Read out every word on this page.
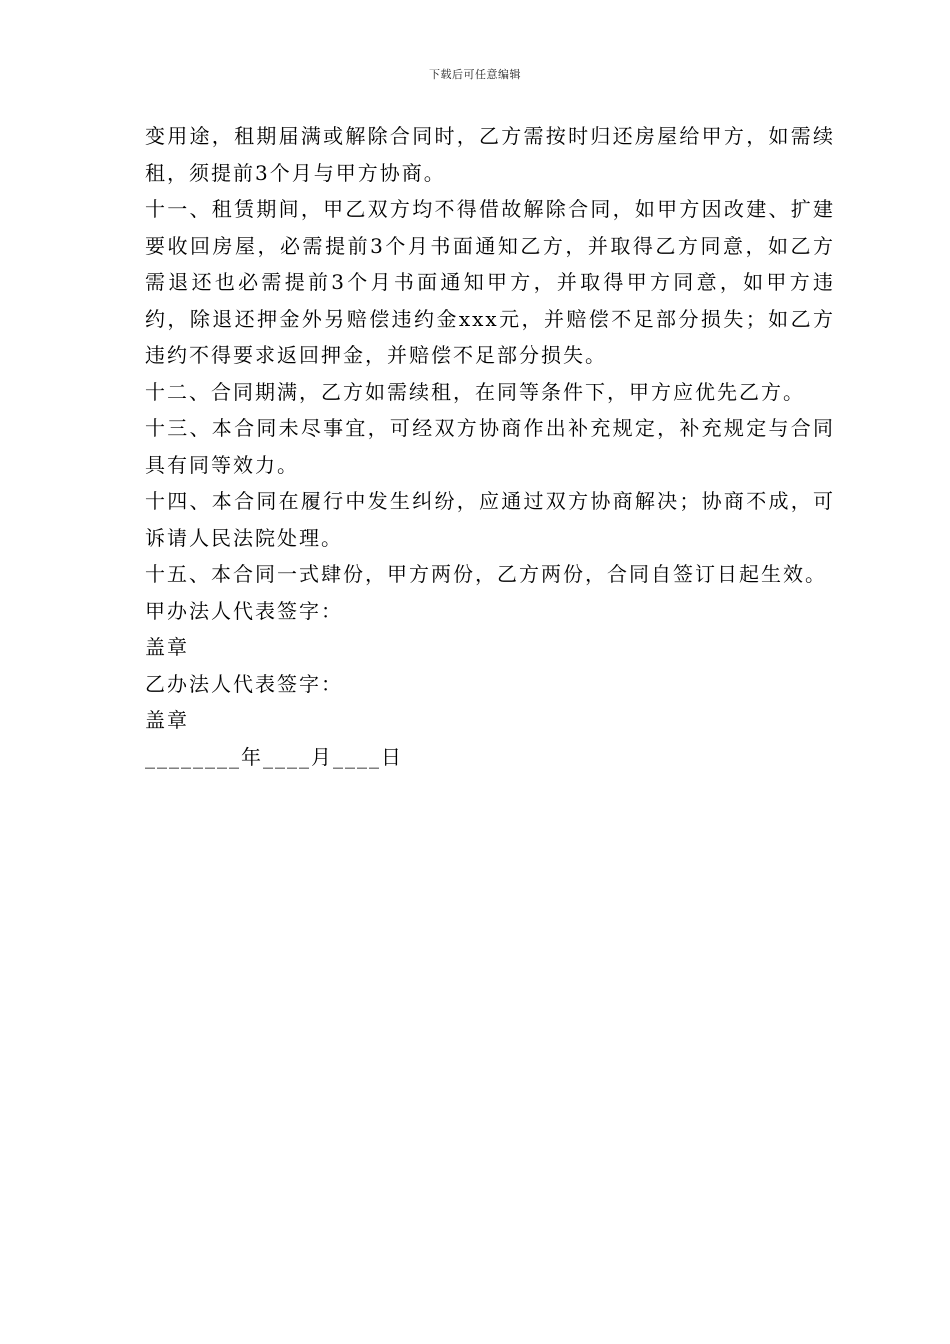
下载后可任意编辑

变用途，租期届满或解除合同时，乙方需按时归还房屋给甲方，如需续租，须提前3个月与甲方协商。

十一、租赁期间，甲乙双方均不得借故解除合同，如甲方因改建、扩建要收回房屋，必需提前3个月书面通知乙方，并取得乙方同意，如乙方需退还也必需提前3个月书面通知甲方，并取得甲方同意，如甲方违约，除退还押金外另赔偿违约金xxx元，并赔偿不足部分损失；如乙方违约不得要求返回押金，并赔偿不足部分损失。

十二、合同期满，乙方如需续租，在同等条件下，甲方应优先乙方。

十三、本合同未尽事宜，可经双方协商作出补充规定，补充规定与合同具有同等效力。

十四、本合同在履行中发生纠纷，应通过双方协商解决；协商不成，可诉请人民法院处理。

十五、本合同一式肆份，甲方两份，乙方两份，合同自签订日起生效。

甲办法人代表签字：

盖章

乙办法人代表签字：

盖章

________年____月____日
